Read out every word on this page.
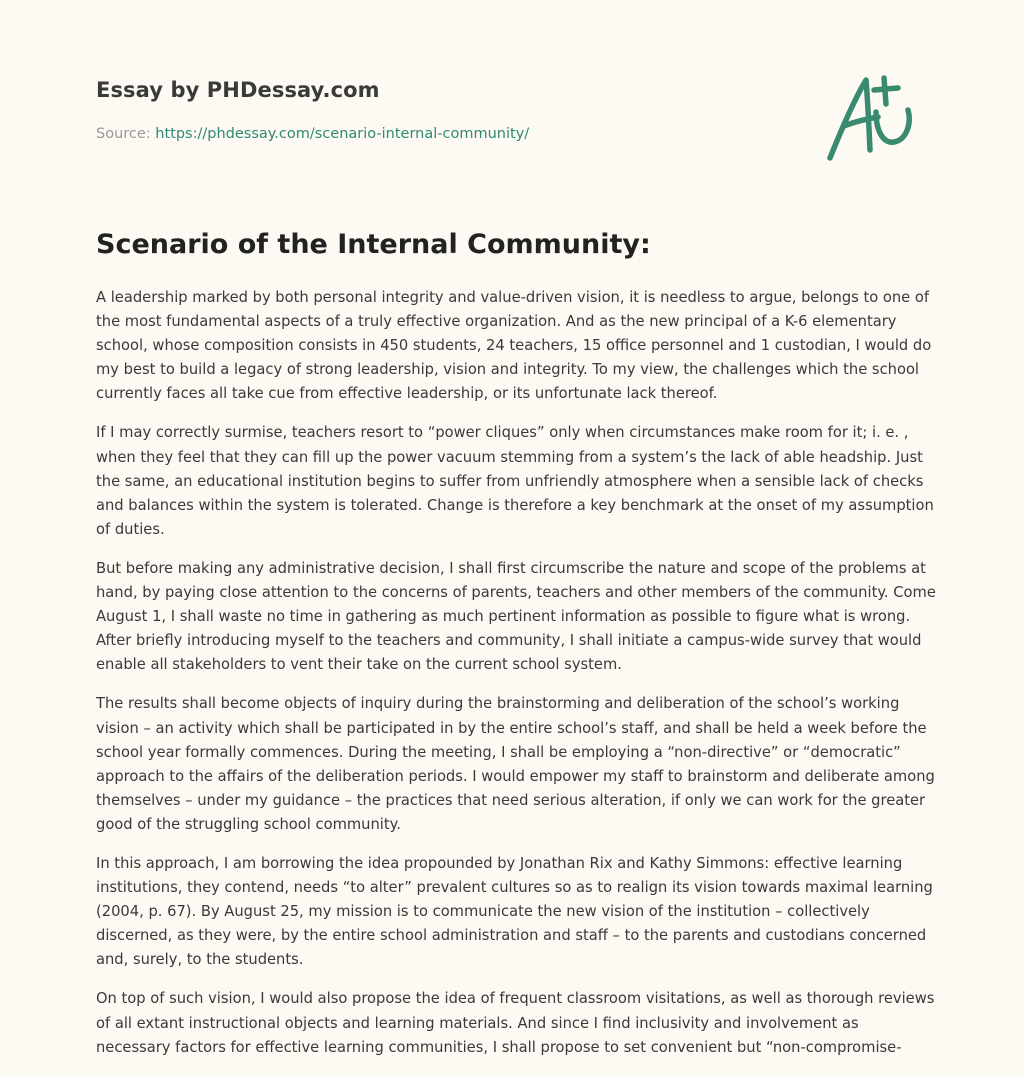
Essay by PHDessay.com
Source: https://phdessay.com/scenario-internal-community/
Scenario of the Internal Community:

A leadership marked by both personal integrity and value-driven vision, it is needless to argue, belongs to one of the most fundamental aspects of a truly effective organization. And as the new principal of a K-6 elementary school, whose composition consists in 450 students, 24 teachers, 15 office personnel and 1 custodian, I would do my best to build a legacy of strong leadership, vision and integrity. To my view, the challenges which the school currently faces all take cue from effective leadership, or its unfortunate lack thereof.

If I may correctly surmise, teachers resort to “power cliques” only when circumstances make room for it; i. e. , when they feel that they can fill up the power vacuum stemming from a system’s the lack of able headship. Just the same, an educational institution begins to suffer from unfriendly atmosphere when a sensible lack of checks and balances within the system is tolerated. Change is therefore a key benchmark at the onset of my assumption of duties.

But before making any administrative decision, I shall first circumscribe the nature and scope of the problems at hand, by paying close attention to the concerns of parents, teachers and other members of the community. Come August 1, I shall waste no time in gathering as much pertinent information as possible to figure what is wrong. After briefly introducing myself to the teachers and community, I shall initiate a campus-wide survey that would enable all stakeholders to vent their take on the current school system.

The results shall become objects of inquiry during the brainstorming and deliberation of the school’s working vision – an activity which shall be participated in by the entire school’s staff, and shall be held a week before the school year formally commences. During the meeting, I shall be employing a “non-directive” or “democratic” approach to the affairs of the deliberation periods. I would empower my staff to brainstorm and deliberate among themselves – under my guidance – the practices that need serious alteration, if only we can work for the greater good of the struggling school community.

In this approach, I am borrowing the idea propounded by Jonathan Rix and Kathy Simmons: effective learning institutions, they contend, needs “to alter” prevalent cultures so as to realign its vision towards maximal learning (2004, p. 67). By August 25, my mission is to communicate the new vision of the institution – collectively discerned, as they were, by the entire school administration and staff – to the parents and custodians concerned and, surely, to the students.

On top of such vision, I would also propose the idea of frequent classroom visitations, as well as thorough reviews of all extant instructional objects and learning materials. And since I find inclusivity and involvement as necessary factors for effective learning communities, I shall propose to set convenient but “non-compromise-
